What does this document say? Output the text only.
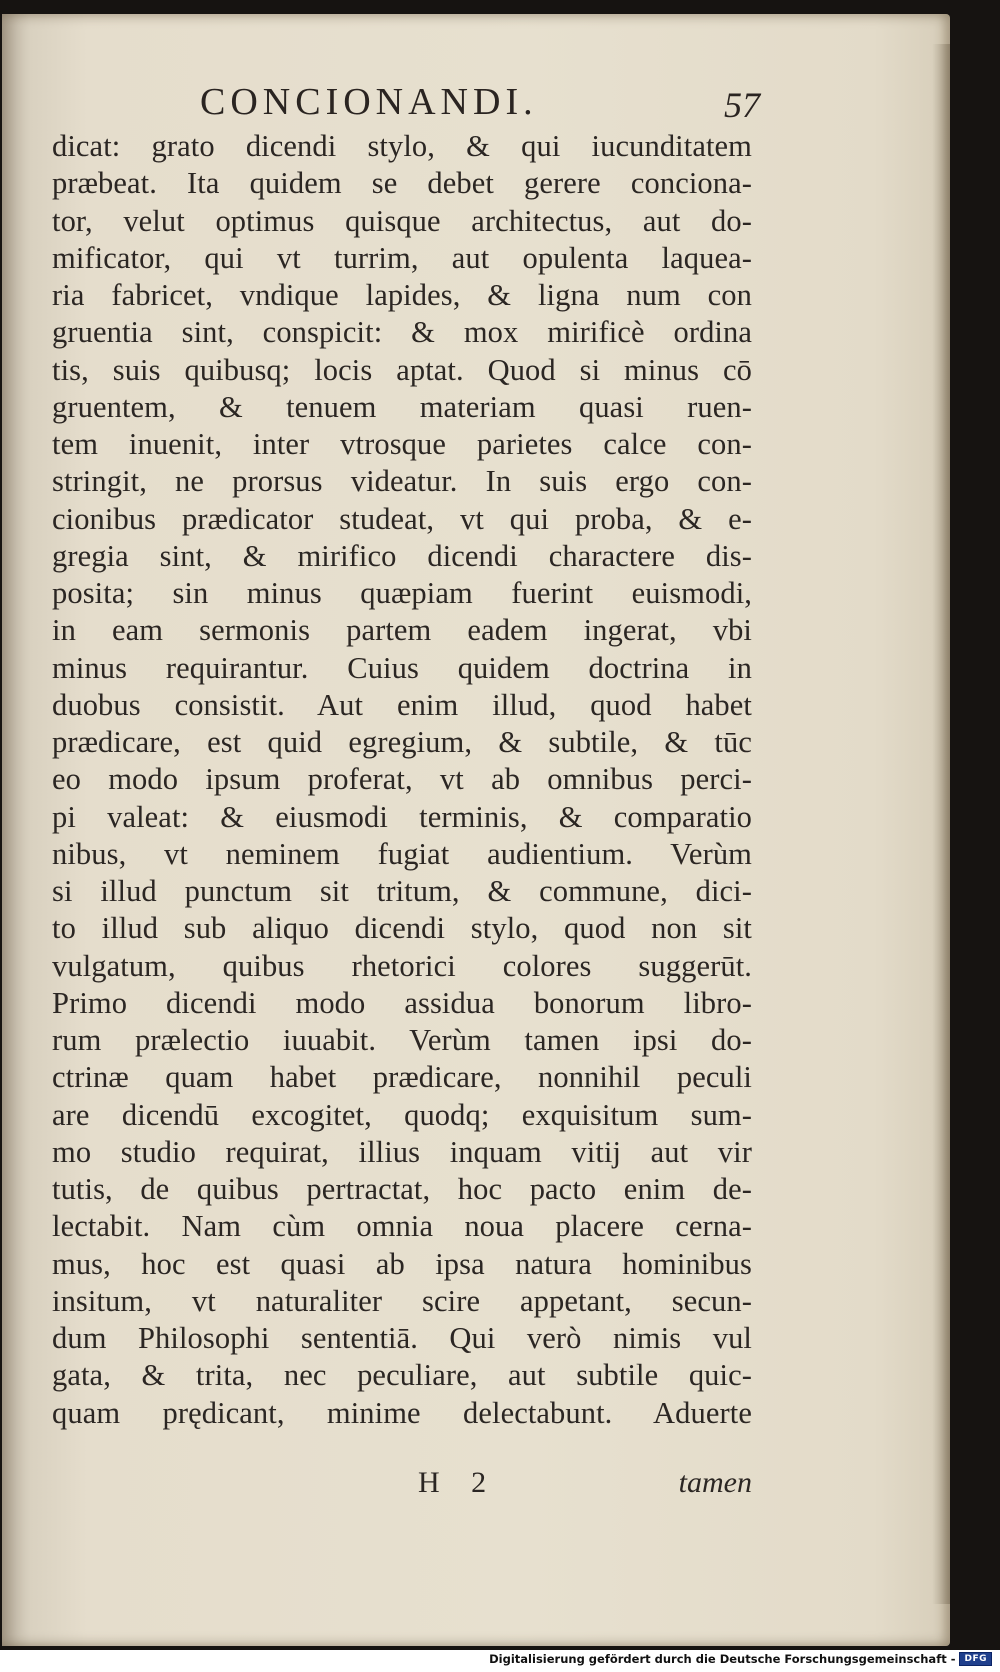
CONCIONANDI.	57
dicat: grato dicendi stylo, & qui iucunditatem
præbeat. Ita quidem se debet gerere concionа-
tor, velut optimus quisque architectus, aut do-
mificator, qui vt turrim, aut opulenta laquea-
ria fabricet, vndique lapides, & ligna num con
gruentia sint, conspicit: & mox mirificè ordina
tis, suis quibusq; locis aptat. Quod si minus cō
gruentem, & tenuem materiam quasi ruen-
tem inuenit, inter vtrosque parietes calce con-
stringit, ne prorsus videatur. In suis ergo con-
cionibus prædicator studeat, vt qui proba, & e-
gregia sint, & mirifico dicendi charactere dis-
posita; sin minus quæpiam fuerint euismodi,
in eam sermonis partem eadem ingerat, vbi
minus requirantur. Cuius quidem doctrina in
duobus consistit. Aut enim illud, quod habet
prædicare, est quid egregium, & subtile, & tūc
eo modo ipsum proferat, vt ab omnibus perci-
pi valeat: & eiusmodi terminis, & comparatio
nibus, vt neminem fugiat audientium. Verùm
si illud punctum sit tritum, & commune, dici-
to illud sub aliquo dicendi stylo, quod non sit
vulgatum, quibus rhetorici colores suggerūt.
Primo dicendi modo assidua bonorum libro-
rum prælectio iuuabit. Verùm tamen ipsi do-
ctrinæ quam habet prædicare, nonnihil peculi
are dicendū excogitet, quodq; exquisitum sum-
mo studio requirat, illius inquam vitij aut vir
tutis, de quibus pertractat, hoc pacto enim de-
lectabit. Nam cùm omnia noua placere cerna-
mus, hoc est quasi ab ipsa natura hominibus
insitum, vt naturaliter scire appetant, secun-
dum Philosophi sententiā. Qui verò nimis vul
gata, & trita, nec peculiare, aut subtile quic-
quam prędicant, minime delectabunt. Aduerte
H 2	tamen
Digitalisierung gefördert durch die Deutsche Forschungsgemeinschaft -	DFG
